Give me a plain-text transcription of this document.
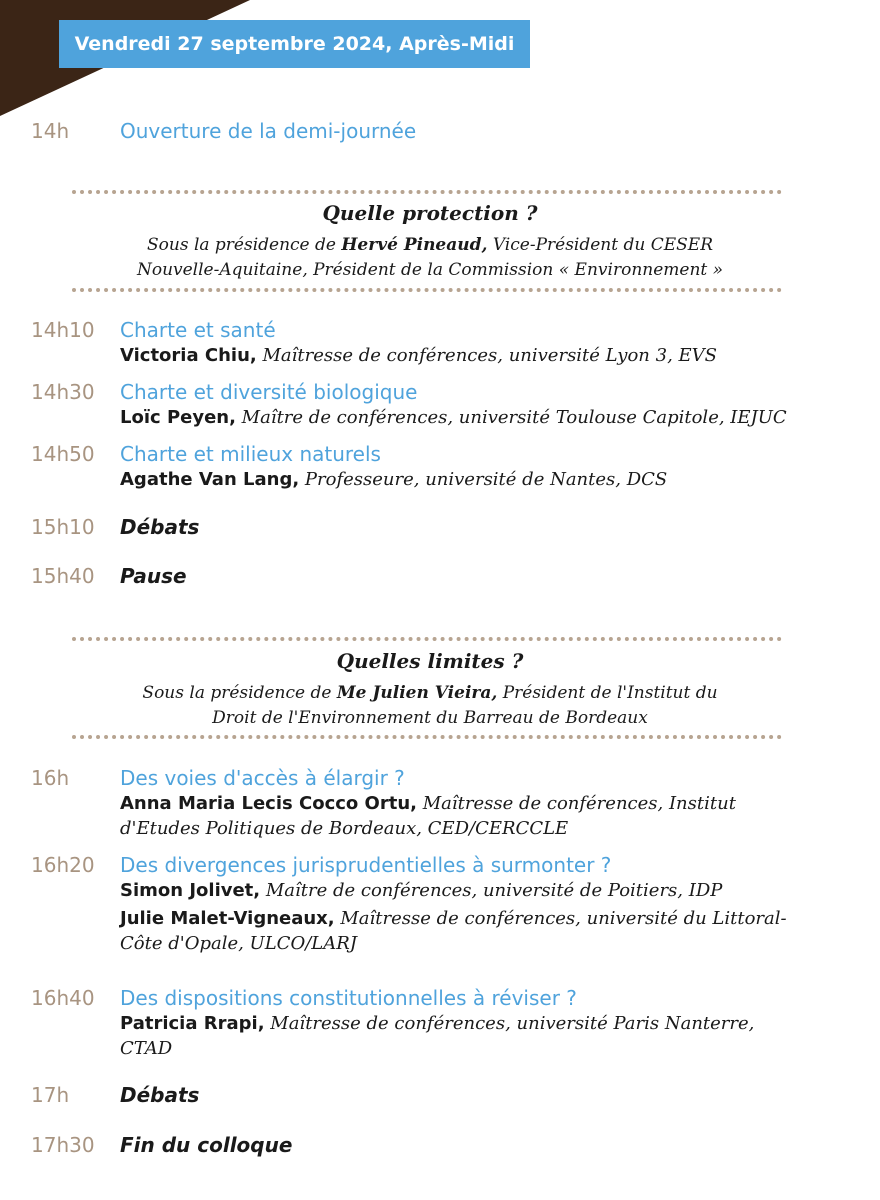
Vendredi 27 septembre 2024, Après-Midi
14h	Ouverture de la demi-journée
Quelle protection ?
Sous la présidence de Hervé Pineaud, Vice-Président du CESER
Nouvelle-Aquitaine, Président de la Commission « Environnement »
14h10 Charte et santé
Victoria Chiu, Maîtresse de conférences, université Lyon 3, EVS
14h30 Charte et diversité biologique
Loïc Peyen, Maître de conférences, université Toulouse Capitole, IEJUC
14h50 Charte et milieux naturels
Agathe Van Lang, Professeure, université de Nantes, DCS
15h10 Débats
15h40 Pause
Quelles limites ?
Sous la présidence de Me Julien Vieira, Président de l'Institut du
Droit de l'Environnement du Barreau de Bordeaux
16h	Des voies d'accès à élargir ?
Anna Maria Lecis Cocco Ortu, Maîtresse de conférences, Institut
d'Etudes Politiques de Bordeaux, CED/CERCCLE
16h20 Des divergences jurisprudentielles à surmonter ?
Simon Jolivet, Maître de conférences, université de Poitiers, IDP
Julie Malet-Vigneaux, Maîtresse de conférences, université du Littoral-
Côte d'Opale, ULCO/LARJ
16h40 Des dispositions constitutionnelles à réviser ?
Patricia Rrapi, Maîtresse de conférences, université Paris Nanterre,
CTAD
17h	Débats
17h30 Fin du colloque
